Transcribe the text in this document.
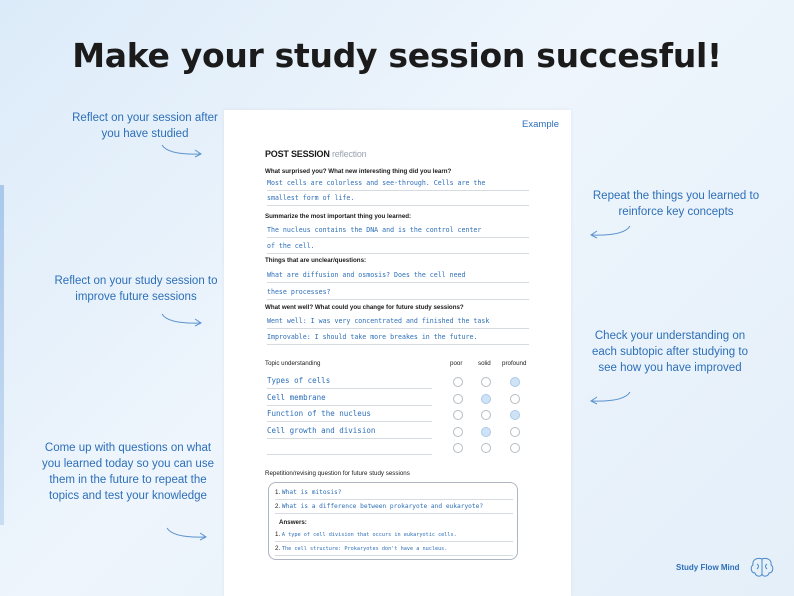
Make your study session succesful!
Reflect on your session after you have studied
Reflect on your study session to improve future sessions
Come up with questions on what you learned today so you can use them in the future to repeat the topics and test your knowledge
Repeat the things you learned to reinforce key concepts
Check your understanding on each subtopic after studying to see how you have improved
Example
POST SESSION reflection
What surprised you? What new interesting thing did you learn?
Most cells are colorless and see-through. Cells are the
smallest form of life.
Summarize the most important thing you learned:
The nucleus contains the DNA and is the control center
of the cell.
Things that are unclear/questions:
What are diffusion and osmosis? Does the cell need
these processes?
What went well? What could you change for future study sessions?
Went well: I was very concentrated and finished the task
Improvable: I should take more breakes in the future.
Topic understanding	poor	solid profound
Types of cells
Cell membrane
Function of the nucleus
Cell growth and division
Repetition/revising question for future study sessions
1. What is mitosis?
2. What is a difference between prokaryote and eukaryote?
Answers:
1. A type of cell division that occurs in eukaryotic cells.
2. The cell structure: Prokaryotes don't have a nucleus.
Study Flow Mind
